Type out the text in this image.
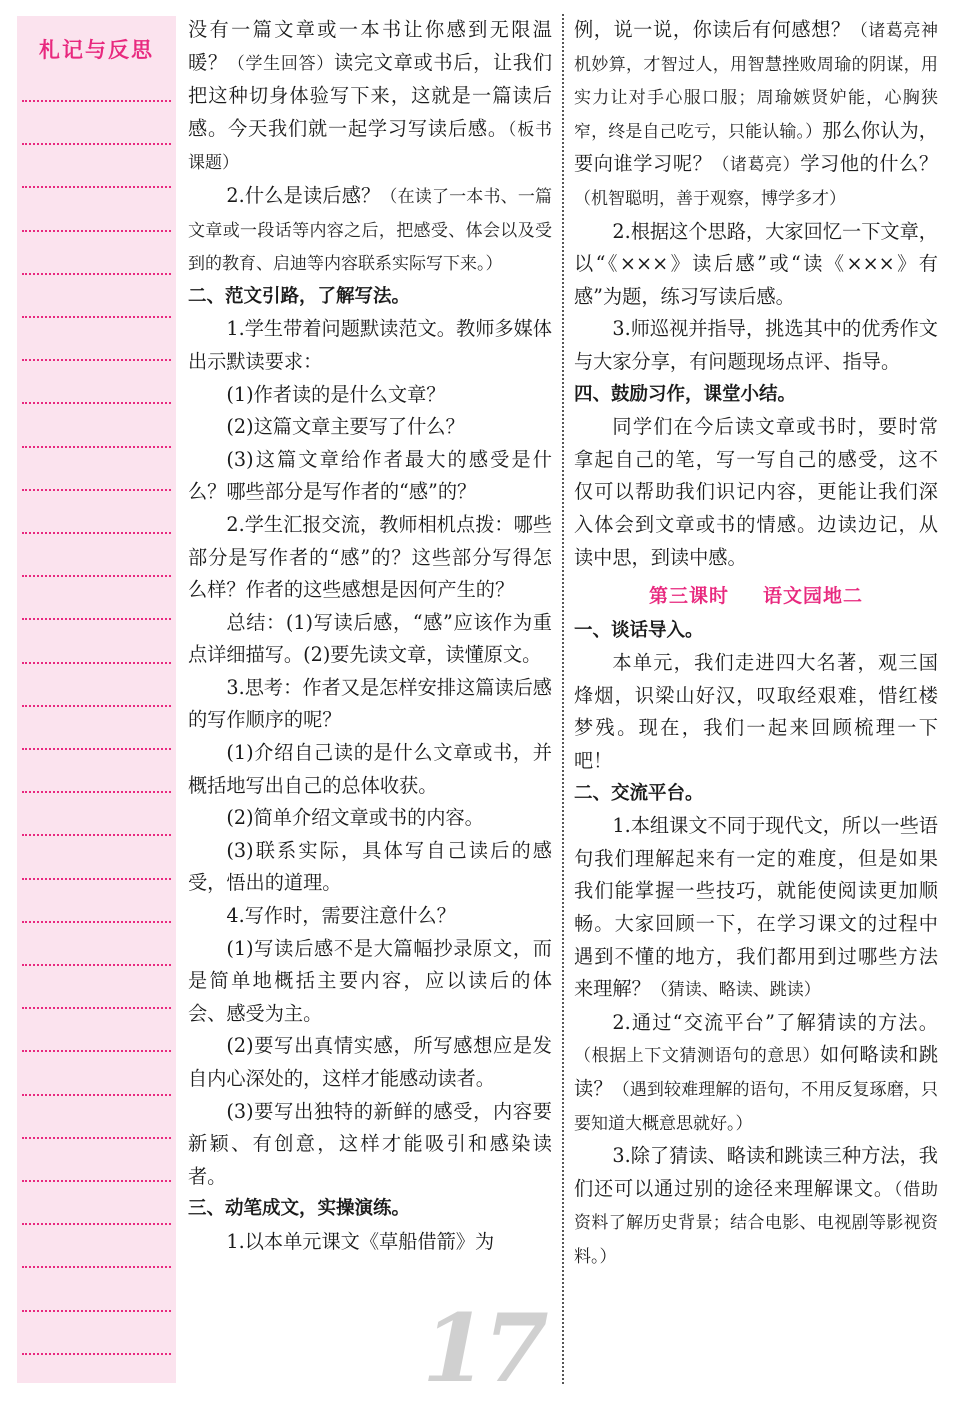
札记与反思

没有一篇文章或一本书让你感到无限温暖？（学生回答）读完文章或书后，让我们把这种切身体验写下来，这就是一篇读后感。今天我们就一起学习写读后感。（板书课题）

2.什么是读后感？（在读了一本书、一篇文章或一段话等内容之后，把感受、体会以及受到的教育、启迪等内容联系实际写下来。）

二、范文引路，了解写法。

1.学生带着问题默读范文。教师多媒体出示默读要求：

(1)作者读的是什么文章？

(2)这篇文章主要写了什么？

(3)这篇文章给作者最大的感受是什么？哪些部分是写作者的“感”的？

2.学生汇报交流，教师相机点拨：哪些部分是写作者的“感”的？这些部分写得怎么样？作者的这些感想是因何产生的？

总结：(1)写读后感，“感”应该作为重点详细描写。(2)要先读文章，读懂原文。

3.思考：作者又是怎样安排这篇读后感的写作顺序的呢？

(1)介绍自己读的是什么文章或书，并概括地写出自己的总体收获。

(2)简单介绍文章或书的内容。

(3)联系实际，具体写自己读后的感受，悟出的道理。

4.写作时，需要注意什么？

(1)写读后感不是大篇幅抄录原文，而是简单地概括主要内容，应以读后的体会、感受为主。

(2)要写出真情实感，所写感想应是发自内心深处的，这样才能感动读者。

(3)要写出独特的新鲜的感受，内容要新颖、有创意，这样才能吸引和感染读者。

三、动笔成文，实操演练。

1.以本单元课文《草船借箭》为

例，说一说，你读后有何感想？（诸葛亮神机妙算，才智过人，用智慧挫败周瑜的阴谋，用实力让对手心服口服；周瑜嫉贤妒能，心胸狭窄，终是自己吃亏，只能认输。）那么你认为，要向谁学习呢？（诸葛亮）学习他的什么？（机智聪明，善于观察，博学多才）

2.根据这个思路，大家回忆一下文章，以“《×××》读后感”或“读《×××》有感”为题，练习写读后感。

3.师巡视并指导，挑选其中的优秀作文与大家分享，有问题现场点评、指导。

四、鼓励习作，课堂小结。

同学们在今后读文章或书时，要时常拿起自己的笔，写一写自己的感受，这不仅可以帮助我们识记内容，更能让我们深入体会到文章或书的情感。边读边记，从读中思，到读中感。

第三课时 语文园地二

一、谈话导入。

本单元，我们走进四大名著，观三国烽烟，识梁山好汉，叹取经艰难，惜红楼梦残。现在，我们一起来回顾梳理一下吧！

二、交流平台。

1.本组课文不同于现代文，所以一些语句我们理解起来有一定的难度，但是如果我们能掌握一些技巧，就能使阅读更加顺畅。大家回顾一下，在学习课文的过程中遇到不懂的地方，我们都用到过哪些方法来理解？（猜读、略读、跳读）

2.通过“交流平台”了解猜读的方法。（根据上下文猜测语句的意思）如何略读和跳读？（遇到较难理解的语句，不用反复琢磨，只要知道大概意思就好。）

3.除了猜读、略读和跳读三种方法，我们还可以通过别的途径来理解课文。（借助资料了解历史背景；结合电影、电视剧等影视资料。）

17
